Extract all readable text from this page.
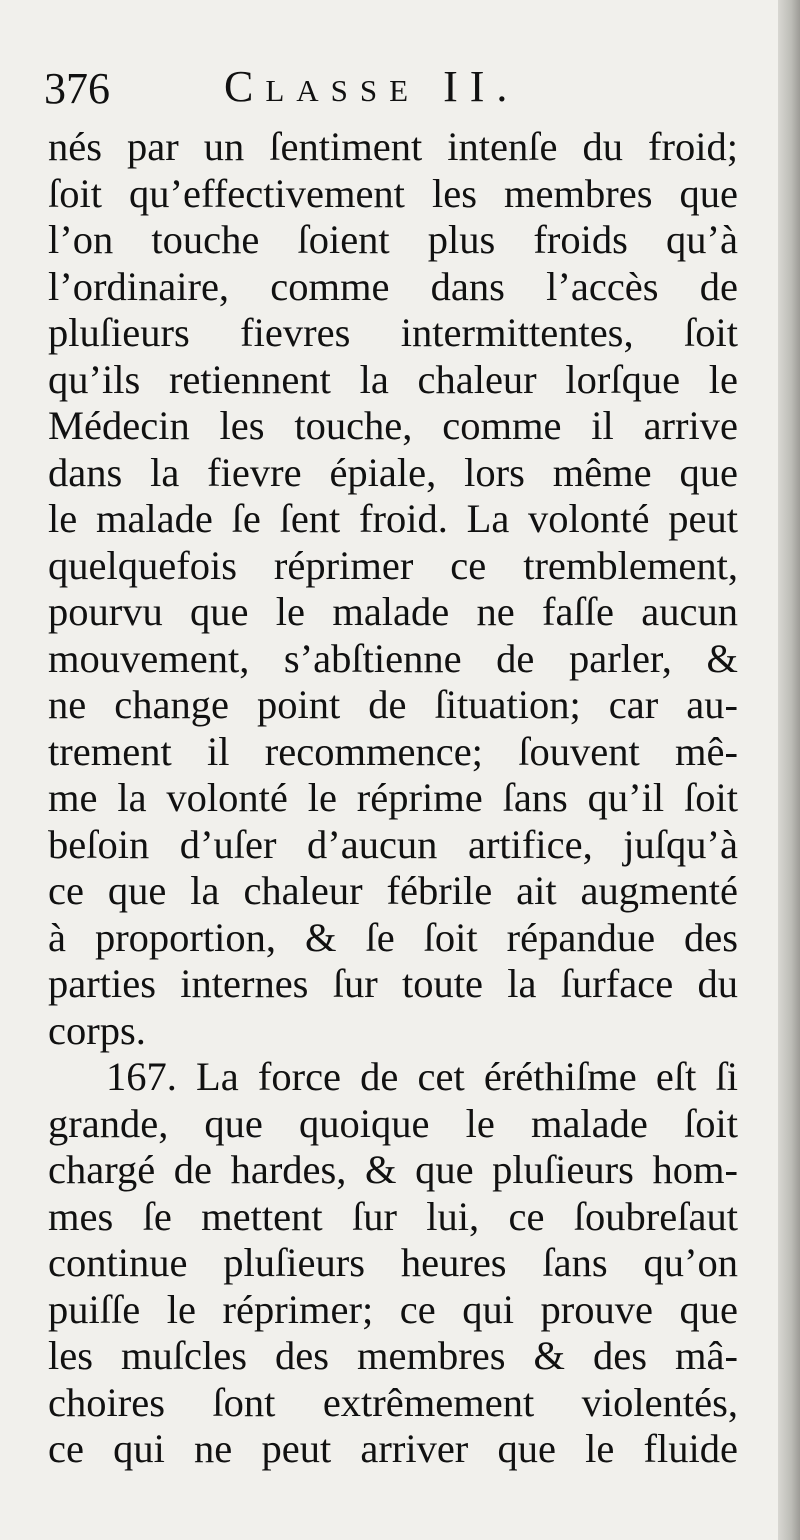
376	Classe II.
nés par un ſentiment intenſe du froid;
ſoit qu’effectivement les membres que
l’on touche ſoient plus froids qu’à
l’ordinaire, comme dans l’accès de
pluſieurs fievres intermittentes, ſoit
qu’ils retiennent la chaleur lorſque le
Médecin les touche, comme il arrive
dans la fievre épiale, lors même que
le malade ſe ſent froid. La volonté peut
quelquefois réprimer ce tremblement,
pourvu que le malade ne faſſe aucun
mouvement, s’abſtienne de parler, &
ne change point de ſituation; car au-
trement il recommence; ſouvent mê-
me la volonté le réprime ſans qu’il ſoit
beſoin d’uſer d’aucun artifice, juſqu’à
ce que la chaleur fébrile ait augmenté
à proportion, & ſe ſoit répandue des
parties internes ſur toute la ſurface du
corps.
167. La force de cet éréthiſme eſt ſi
grande, que quoique le malade ſoit
chargé de hardes, & que pluſieurs hom-
mes ſe mettent ſur lui, ce ſoubreſaut
continue pluſieurs heures ſans qu’on
puiſſe le réprimer; ce qui prouve que
les muſcles des membres & des mâ-
choires ſont extrêmement violentés,
ce qui ne peut arriver que le fluide
